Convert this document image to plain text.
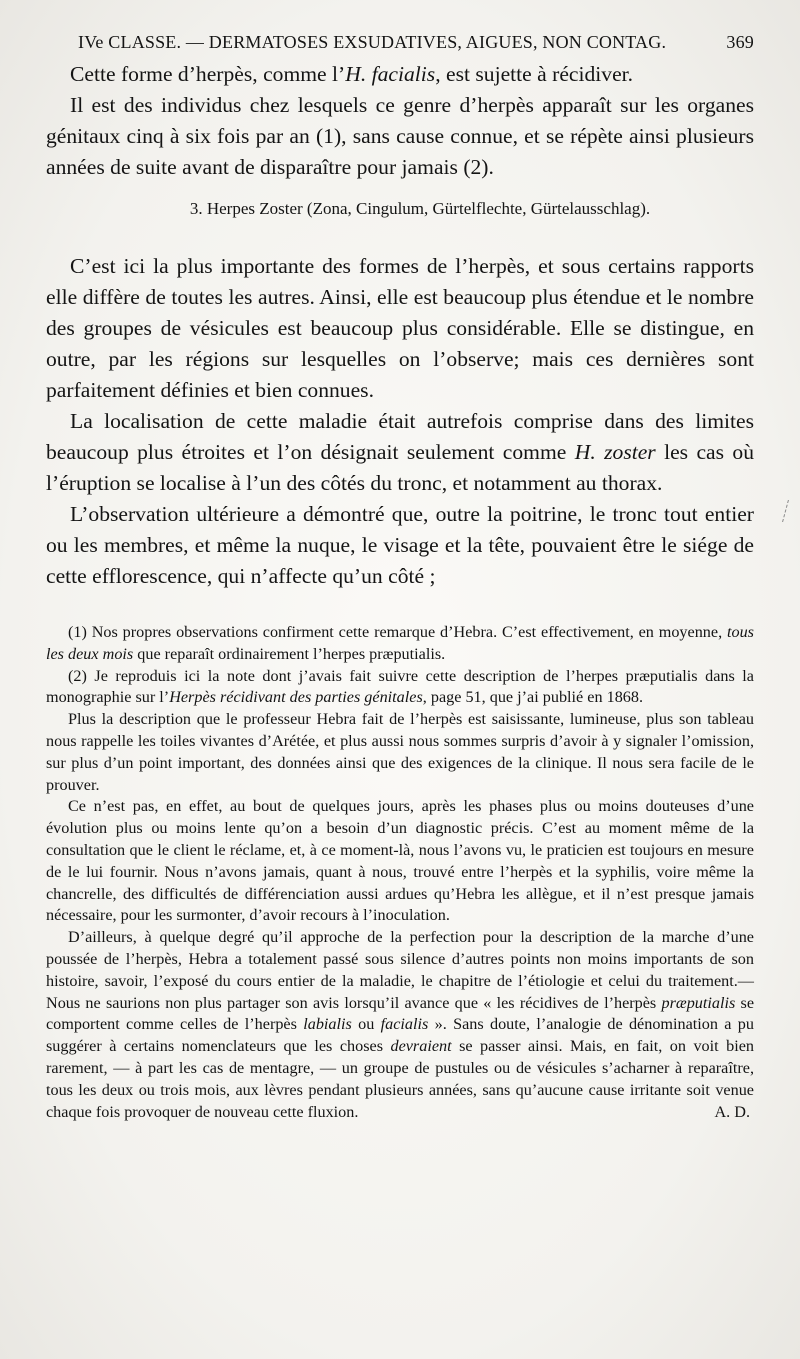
IVe CLASSE. — DERMATOSES EXSUDATIVES, AIGUES, NON CONTAG.	369

Cette forme d’herpès, comme l’H. facialis, est sujette à récidiver.

Il est des individus chez lesquels ce genre d’herpès apparaît sur les organes génitaux cinq à six fois par an (1), sans cause connue, et se répète ainsi plusieurs années de suite avant de disparaître pour jamais (2).

3. Herpes Zoster (Zona, Cingulum, Gürtelflechte, Gürtelausschlag).

C’est ici la plus importante des formes de l’herpès, et sous certains rapports elle diffère de toutes les autres. Ainsi, elle est beaucoup plus étendue et le nombre des groupes de vésicules est beaucoup plus considérable. Elle se distingue, en outre, par les régions sur lesquelles on l’observe; mais ces dernières sont parfaitement définies et bien connues.

La localisation de cette maladie était autrefois comprise dans des limites beaucoup plus étroites et l’on désignait seulement comme H. zoster les cas où l’éruption se localise à l’un des côtés du tronc, et notamment au thorax.

L’observation ultérieure a démontré que, outre la poitrine, le tronc tout entier ou les membres, et même la nuque, le visage et la tête, pouvaient être le siége de cette efflorescence, qui n’affecte qu’un côté ;

(1) Nos propres observations confirment cette remarque d’Hebra. C’est effectivement, en moyenne, tous les deux mois que reparaît ordinairement l’herpes præputialis.

(2) Je reproduis ici la note dont j’avais fait suivre cette description de l’herpes præputialis dans la monographie sur l’Herpès récidivant des parties génitales, page 51, que j’ai publié en 1868.

Plus la description que le professeur Hebra fait de l’herpès est saisissante, lumineuse, plus son tableau nous rappelle les toiles vivantes d’Arétée, et plus aussi nous sommes surpris d’avoir à y signaler l’omission, sur plus d’un point important, des données ainsi que des exigences de la clinique. Il nous sera facile de le prouver.

Ce n’est pas, en effet, au bout de quelques jours, après les phases plus ou moins douteuses d’une évolution plus ou moins lente qu’on a besoin d’un diagnostic précis. C’est au moment même de la consultation que le client le réclame, et, à ce moment-là, nous l’avons vu, le praticien est toujours en mesure de le lui fournir. Nous n’avons jamais, quant à nous, trouvé entre l’herpès et la syphilis, voire même la chancrelle, des difficultés de différenciation aussi ardues qu’Hebra les allègue, et il n’est presque jamais nécessaire, pour les surmonter, d’avoir recours à l’inoculation.

D’ailleurs, à quelque degré qu’il approche de la perfection pour la description de la marche d’une poussée de l’herpès, Hebra a totalement passé sous silence d’autres points non moins importants de son histoire, savoir, l’exposé du cours entier de la maladie, le chapitre de l’étiologie et celui du traitement.— Nous ne saurions non plus partager son avis lorsqu’il avance que « les récidives de l’herpès præputialis se comportent comme celles de l’herpès labialis ou facialis ». Sans doute, l’analogie de dénomination a pu suggérer à certains nomenclateurs que les choses devraient se passer ainsi. Mais, en fait, on voit bien rarement, — à part les cas de mentagre, — un groupe de pustules ou de vésicules s’acharner à reparaître, tous les deux ou trois mois, aux lèvres pendant plusieurs années, sans qu’aucune cause irritante soit venue chaque fois provoquer de nouveau cette fluxion.	A. D.
